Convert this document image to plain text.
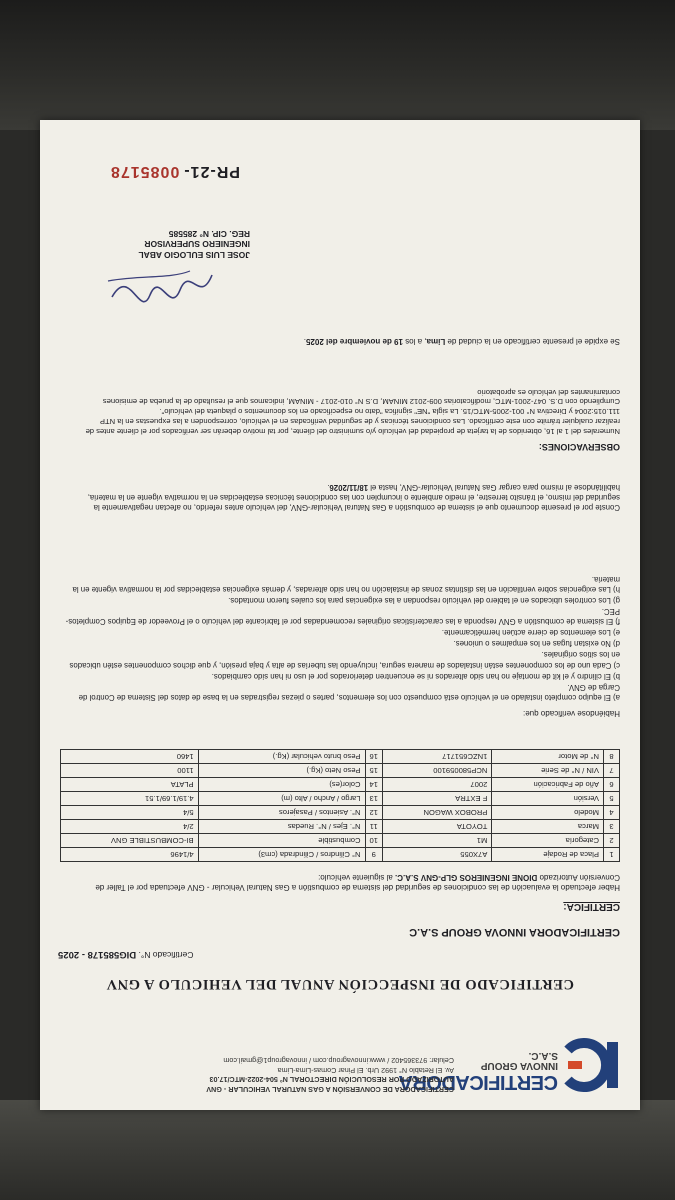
CERTIFICADORA
INNOVA GROUP S.A.C.
CERTIFICADORA DE CONVERSIÓN A GAS NATURAL VEHICULAR - GNV
AUTORIZADO POR RESOLUCIÓN DIRECTORAL N° 504-2022-MTC/17.03
Av. El Retablo N° 1992 Urb. El Pinar Comas-Lima-Lima
Celular: 973365402 / www.innovagroup.com / innovagroup1@gmail.com
CERTIFICADO DE INSPECCIÓN ANUAL DEL VEHICULO A GNV
Certificado N°. DIG585178 - 2025
CERTIFICADORA INNOVA GROUP S.A.C
CERTIFICA:
Haber efectuado la evaluación de las condiciones de seguridad del sistema de combustión a Gas Natural Vehicular - GNV efectuada por el Taller de Conversión Autorizado DIONE INGENIEROS GLP-GNV S.A.C. al siguiente vehículo:
1	Placa de Rodaje	A7X055	9	N° Cilindros / Cilindrada (cm3)	4/1496
2	Categoría	M1	10	Combustible	BI-COMBUSTIBLE GNV
3	Marca	TOYOTA	11	N°. Ejes / N°. Ruedas	2/4
4	Modelo	PROBOX WAGON	12	N°. Asientos / Pasajeros	5/4
5	Versión	F EXTRA	13	Largo / Ancho / Alto (m)	4.19/1.69/1.51
6	Año de Fabricación	2007	14	Color(es)	PLATA
7	VIN / N° de Serie	NCP580059100	15	Peso Neto (Kg.)	1100
8	N° de Motor	1NZC651717	16	Peso bruto vehicular (Kg.)	1460
Habiéndose verificado que:

a) El equipo completo instalado en el vehículo está compuesto con los elementos, partes o piezas registradas en la base de datos del Sistema de Control de Carga de GNV.

b) El cilindro y el kit de montaje no han sido alterados ni se encuentren deteriorados por el uso ni han sido cambiados.

c) Cada uno de los componentes están instalados de manera segura, incluyendo las tuberías de alta y baja presión, y que dichos componentes estén ubicados en los sitios originales.

d) No existan fugas en los empalmes o uniones.

e) Los elementos de cierre actúen herméticamente.

f) El sistema de combustión a GNV responda a las características originales recomendadas por el fabricante del vehículo o el Proveedor de Equipos Completos-PEC.

g) Los controles ubicados en el tablero del vehículo respondan a las exigencias para los cuales fueron montados.

h) Las exigencias sobre ventilación en las distintas zonas de instalación no han sido alteradas, y demás exigencias establecidas por la normativa vigente en la materia.

Conste por el presente documento que el sistema de combustión a Gas Natural Vehicular-GNV, del vehículo antes referido, no afectan negativamente la seguridad del mismo, el tránsito terrestre, el medio ambiente o incumplen con las condiciones técnicas establecidas en la normativa vigente en la materia, habilitándose al mismo para cargar Gas Natural Vehicular-GNV, hasta el 18/11/2026.
OBSERVACIONES:

Numerales del 1 al 16, obtenidos de la tarjeta de propiedad del vehículo y/o suministro del cliente, por tal motivo deberán ser verificados por el cliente antes de realizar cualquier trámite con este certificado. Las condiciones técnicas y de seguridad verificadas en el vehículo, corresponden a las expuestas en la NTP 111.015:2004 y Directiva N° 001-2005-MTC/15. La sigla "NE" significa "dato no especificado en los documentos o plaqueta del vehículo".

Cumpliendo con D.S. 047-2001-MTC, modificatorias 009-2012 MINAM, D.S N° 010-2017 - MINAM, indicamos que el resultado de la prueba de emisiones contaminantes del vehículo es aprobatorio

Se expide el presente certificado en la ciudad de Lima, a los 19 de noviembre del 2025.
JOSE LUIS EULOGIO ABAL
INGENIERO SUPERVISOR
REG. CIP. N° 285585
PR-21-0085178
